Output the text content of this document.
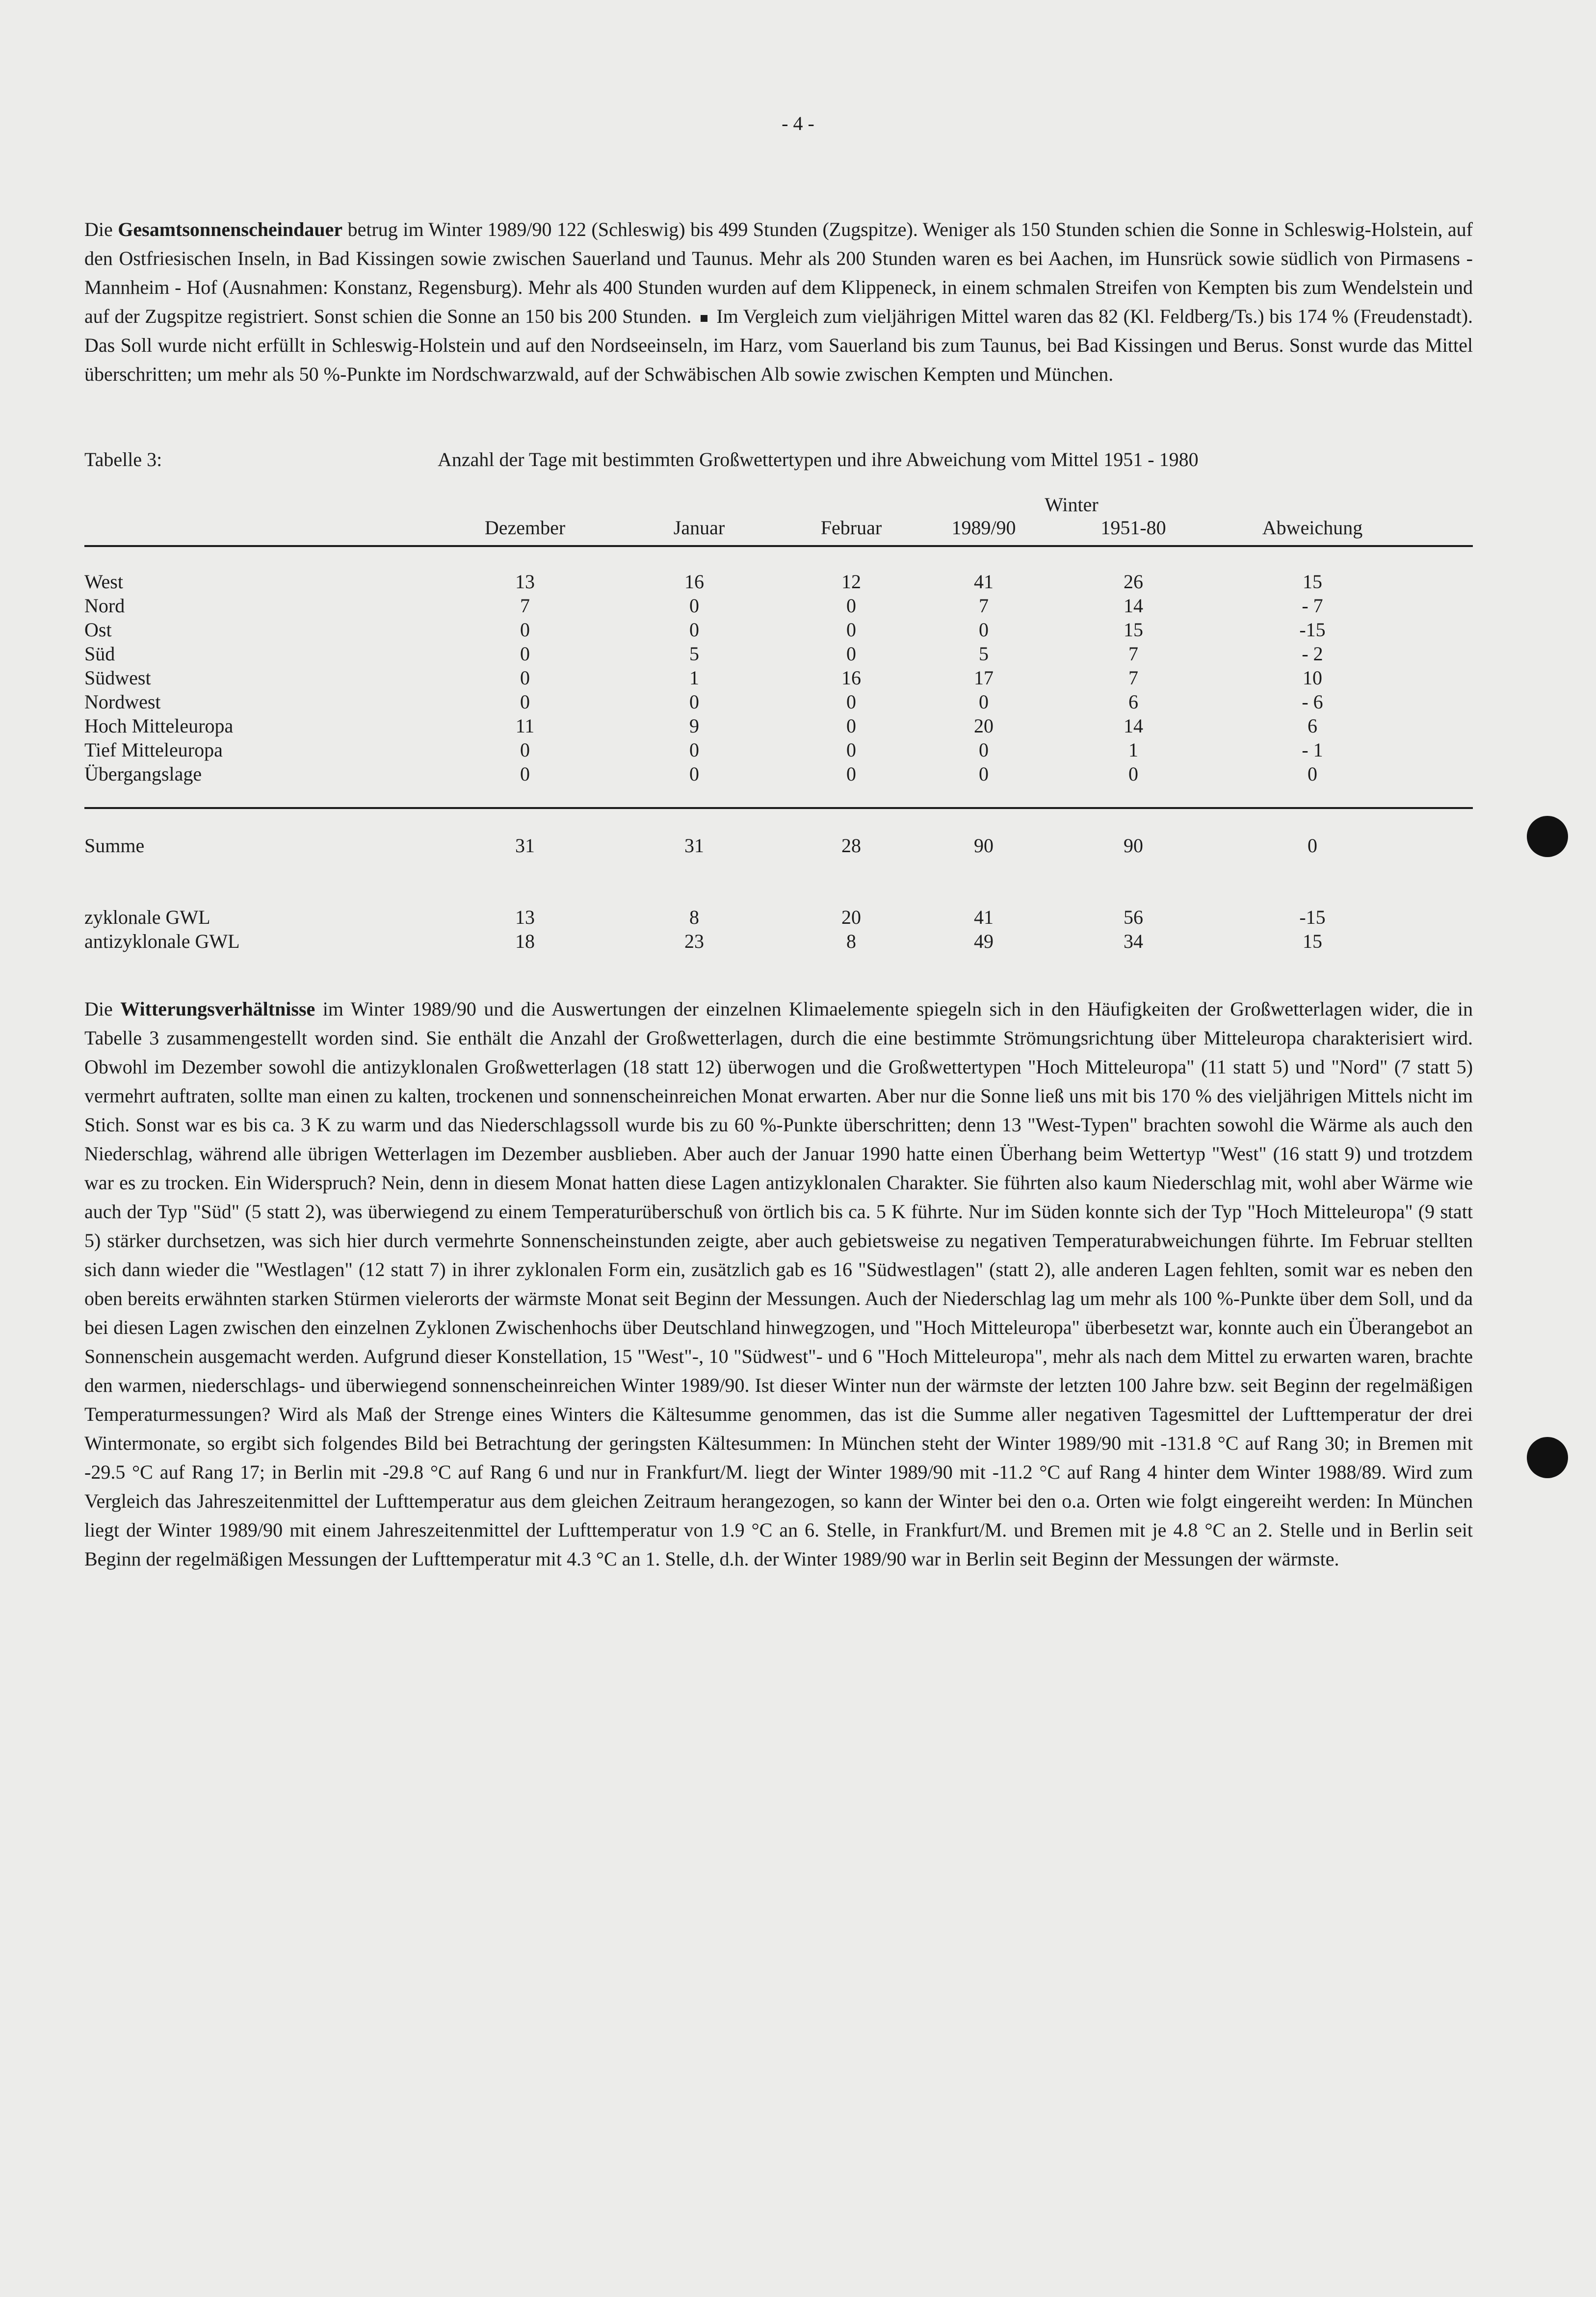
- 4 -

Die Gesamtsonnenscheindauer betrug im Winter 1989/90 122 (Schleswig) bis 499 Stunden (Zugspitze). Weniger als 150 Stunden schien die Sonne in Schleswig-Holstein, auf den Ostfriesischen Inseln, in Bad Kissingen sowie zwischen Sauerland und Taunus. Mehr als 200 Stunden waren es bei Aachen, im Hunsrück sowie südlich von Pirmasens - Mannheim - Hof (Ausnahmen: Konstanz, Regensburg). Mehr als 400 Stunden wurden auf dem Klippeneck, in einem schmalen Streifen von Kempten bis zum Wendelstein und auf der Zugspitze registriert. Sonst schien die Sonne an 150 bis 200 Stunden. Im Vergleich zum vieljährigen Mittel waren das 82 (Kl. Feldberg/Ts.) bis 174 % (Freudenstadt). Das Soll wurde nicht erfüllt in Schleswig-Holstein und auf den Nordseeinseln, im Harz, vom Sauerland bis zum Taunus, bei Bad Kissingen und Berus. Sonst wurde das Mittel überschritten; um mehr als 50 %-Punkte im Nordschwarzwald, auf der Schwäbischen Alb sowie zwischen Kempten und München.

Tabelle 3:	Anzahl der Tage mit bestimmten Großwettertypen und ihre Abweichung vom Mittel 1951 - 1980
Winter
Dezember	Januar	Februar	1989/90	1951-80	Abweichung
West	13	16	12	41	26	15
Nord	7	0	0	7	14	- 7
Ost	0	0	0	0	15	-15
Süd	0	5	0	5	7	- 2
Südwest	0	1	16	17	7	10
Nordwest	0	0	0	0	6	- 6
Hoch Mitteleuropa	11	9	0	20	14	6
Tief Mitteleuropa	0	0	0	0	1	- 1
Übergangslage	0	0	0	0	0	0
Summe	31	31	28	90	90	0
zyklonale GWL	13	8	20	41	56	-15
antizyklonale GWL	18	23	8	49	34	15

Die Witterungsverhältnisse im Winter 1989/90 und die Auswertungen der einzelnen Klimaelemente spiegeln sich in den Häufigkeiten der Großwetterlagen wider, die in Tabelle 3 zusammengestellt worden sind. Sie enthält die Anzahl der Großwetterlagen, durch die eine bestimmte Strömungsrichtung über Mitteleuropa charakterisiert wird. Obwohl im Dezember sowohl die antizyklonalen Großwetterlagen (18 statt 12) überwogen und die Großwettertypen "Hoch Mitteleuropa" (11 statt 5) und "Nord" (7 statt 5) vermehrt auftraten, sollte man einen zu kalten, trockenen und sonnenscheinreichen Monat erwarten. Aber nur die Sonne ließ uns mit bis 170 % des vieljährigen Mittels nicht im Stich. Sonst war es bis ca. 3 K zu warm und das Niederschlagssoll wurde bis zu 60 %-Punkte überschritten; denn 13 "West-Typen" brachten sowohl die Wärme als auch den Niederschlag, während alle übrigen Wetterlagen im Dezember ausblieben. Aber auch der Januar 1990 hatte einen Überhang beim Wettertyp "West" (16 statt 9) und trotzdem war es zu trocken. Ein Widerspruch? Nein, denn in diesem Monat hatten diese Lagen antizyklonalen Charakter. Sie führten also kaum Niederschlag mit, wohl aber Wärme wie auch der Typ "Süd" (5 statt 2), was überwiegend zu einem Temperaturüberschuß von örtlich bis ca. 5 K führte. Nur im Süden konnte sich der Typ "Hoch Mitteleuropa" (9 statt 5) stärker durchsetzen, was sich hier durch vermehrte Sonnenscheinstunden zeigte, aber auch gebietsweise zu negativen Temperaturabweichungen führte. Im Februar stellten sich dann wieder die "Westlagen" (12 statt 7) in ihrer zyklonalen Form ein, zusätzlich gab es 16 "Südwestlagen" (statt 2), alle anderen Lagen fehlten, somit war es neben den oben bereits erwähnten starken Stürmen vielerorts der wärmste Monat seit Beginn der Messungen. Auch der Niederschlag lag um mehr als 100 %-Punkte über dem Soll, und da bei diesen Lagen zwischen den einzelnen Zyklonen Zwischenhochs über Deutschland hinwegzogen, und "Hoch Mitteleuropa" überbesetzt war, konnte auch ein Überangebot an Sonnenschein ausgemacht werden. Aufgrund dieser Konstellation, 15 "West"-, 10 "Südwest"- und 6 "Hoch Mitteleuropa", mehr als nach dem Mittel zu erwarten waren, brachte den warmen, niederschlags- und überwiegend sonnenscheinreichen Winter 1989/90. Ist dieser Winter nun der wärmste der letzten 100 Jahre bzw. seit Beginn der regelmäßigen Temperaturmessungen? Wird als Maß der Strenge eines Winters die Kältesumme genommen, das ist die Summe aller negativen Tagesmittel der Lufttemperatur der drei Wintermonate, so ergibt sich folgendes Bild bei Betrachtung der geringsten Kältesummen: In München steht der Winter 1989/90 mit -131.8 °C auf Rang 30; in Bremen mit -29.5 °C auf Rang 17; in Berlin mit -29.8 °C auf Rang 6 und nur in Frankfurt/M. liegt der Winter 1989/90 mit -11.2 °C auf Rang 4 hinter dem Winter 1988/89. Wird zum Vergleich das Jahreszeitenmittel der Lufttemperatur aus dem gleichen Zeitraum herangezogen, so kann der Winter bei den o.a. Orten wie folgt eingereiht werden: In München liegt der Winter 1989/90 mit einem Jahreszeitenmittel der Lufttemperatur von 1.9 °C an 6. Stelle, in Frankfurt/M. und Bremen mit je 4.8 °C an 2. Stelle und in Berlin seit Beginn der regelmäßigen Messungen der Lufttemperatur mit 4.3 °C an 1. Stelle, d.h. der Winter 1989/90 war in Berlin seit Beginn der Messungen der wärmste.
